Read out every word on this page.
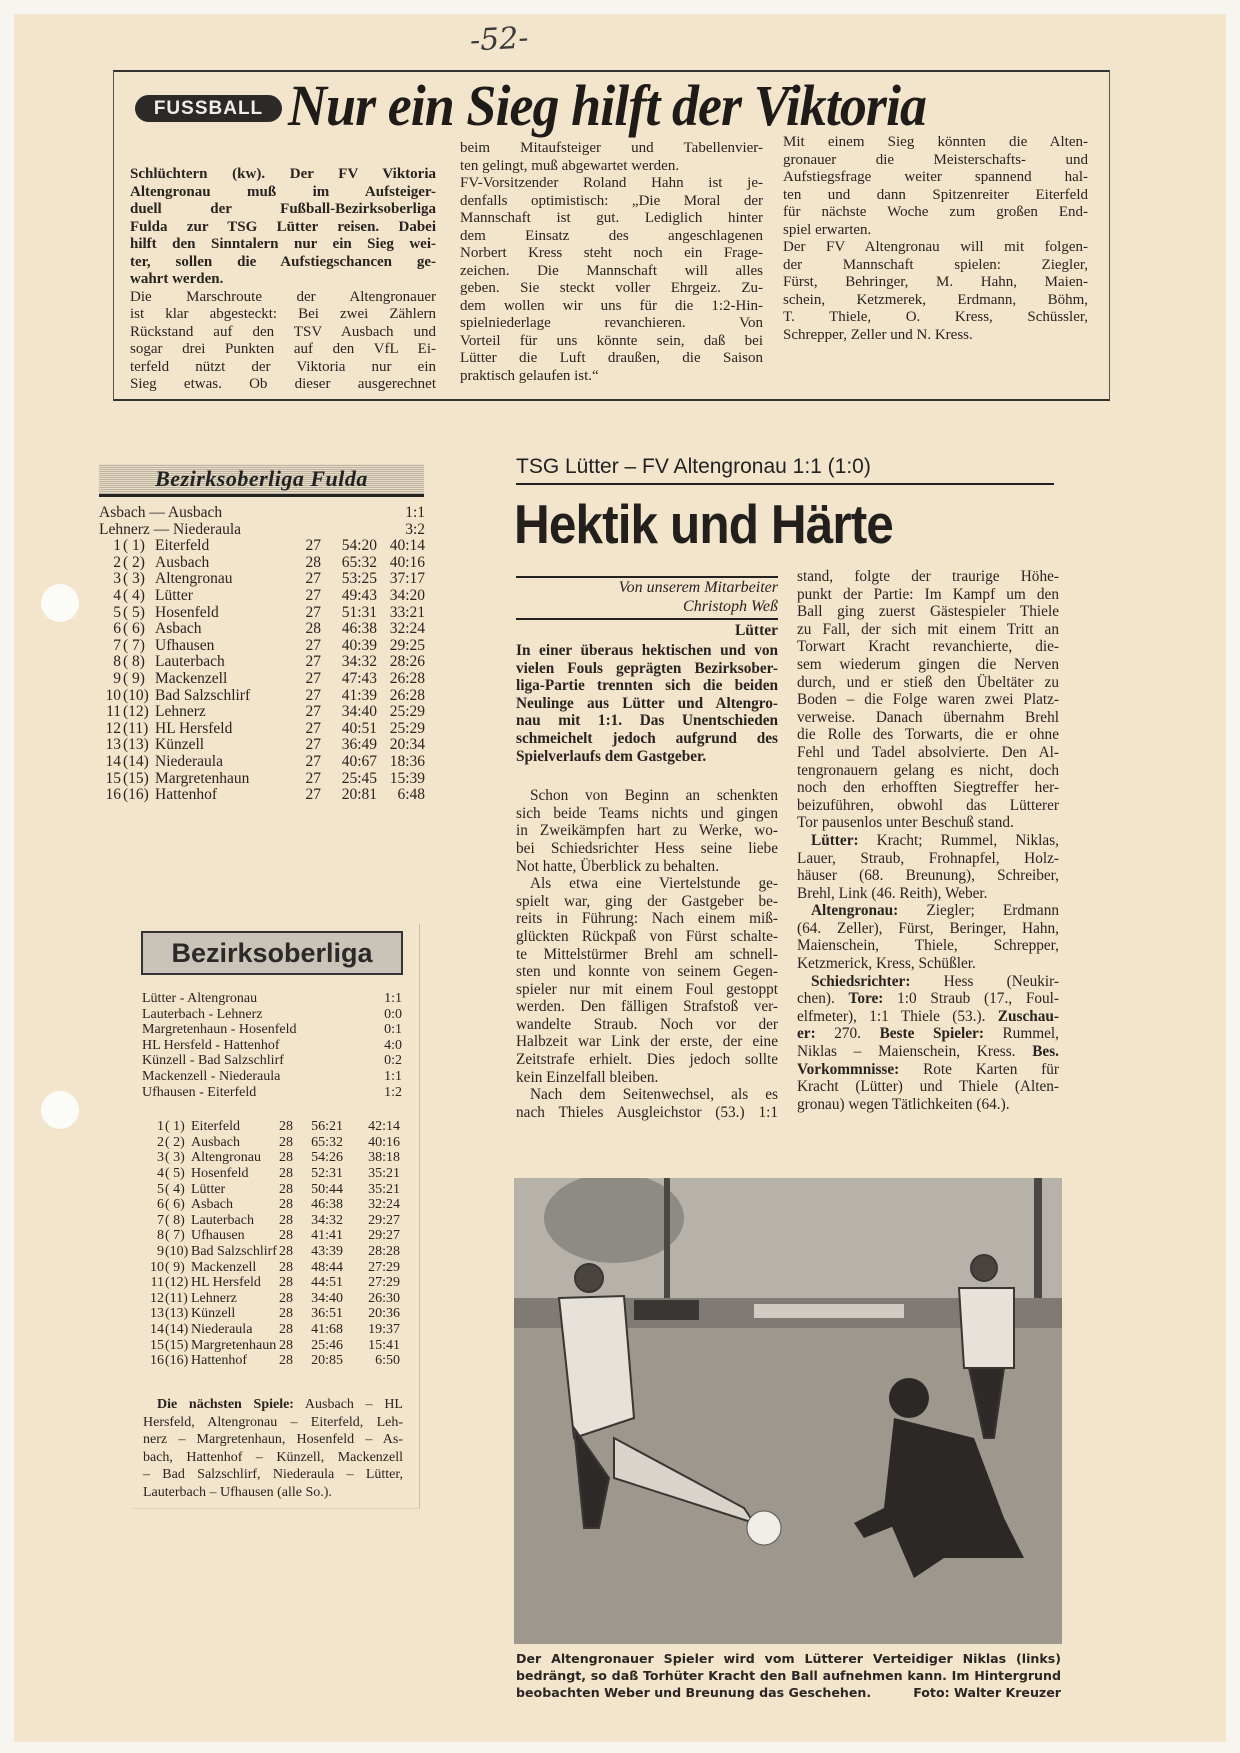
-52-
FUSSBALL Nur ein Sieg hilft der Viktoria
Schlüchtern (kw). Der FV Viktoria
Altengronau muß im Aufsteiger-
duell der Fußball-Bezirksoberliga
Fulda zur TSG Lütter reisen. Dabei
hilft den Sinntalern nur ein Sieg wei-
ter, sollen die Aufstiegschancen ge-
wahrt werden.
Die Marschroute der Altengronauer
ist klar abgesteckt: Bei zwei Zählern
Rückstand auf den TSV Ausbach und
sogar drei Punkten auf den VfL Ei-
terfeld nützt der Viktoria nur ein
Sieg etwas. Ob dieser ausgerechnet
beim Mitaufsteiger und Tabellenvier-
ten gelingt, muß abgewartet werden.
FV-Vorsitzender Roland Hahn ist je-
denfalls optimistisch: „Die Moral der
Mannschaft ist gut. Lediglich hinter
dem Einsatz des angeschlagenen
Norbert Kress steht noch ein Frage-
zeichen. Die Mannschaft will alles
geben. Sie steckt voller Ehrgeiz. Zu-
dem wollen wir uns für die 1:2-Hin-
spielniederlage revanchieren. Von
Vorteil für uns könnte sein, daß bei
Lütter die Luft draußen, die Saison
praktisch gelaufen ist.“
Mit einem Sieg könnten die Alten-
gronauer die Meisterschafts- und
Aufstiegsfrage weiter spannend hal-
ten und dann Spitzenreiter Eiterfeld
für nächste Woche zum großen End-
spiel erwarten.
Der FV Altengronau will mit folgen-
der Mannschaft spielen: Ziegler,
Fürst, Behringer, M. Hahn, Maien-
schein, Ketzmerek, Erdmann, Böhm,
T. Thiele, O. Kress, Schüssler,
Schrepper, Zeller und N. Kress.
Bezirksoberliga Fulda
Asbach — Ausbach	1:1
Lehnerz — Niederaula	3:2
1 ( 1) Eiterfeld	27	54:20 40:14
2 ( 2) Ausbach	28	65:32 40:16
3 ( 3) Altengronau	27	53:25 37:17
4 ( 4) Lütter	27	49:43 34:20
5 ( 5) Hosenfeld	27	51:31 33:21
6 ( 6) Asbach	28	46:38 32:24
7 ( 7) Ufhausen	27	40:39 29:25
8 ( 8) Lauterbach	27	34:32 28:26
9 ( 9) Mackenzell	27	47:43 26:28
10 (10) Bad Salzschlirf	27	41:39 26:28
11 (12) Lehnerz	27	34:40 25:29
12 (11) HL Hersfeld	27	40:51 25:29
13 (13) Künzell	27	36:49 20:34
14 (14) Niederaula	27	40:67 18:36
15 (15) Margretenhaun	27	25:45 15:39
16 (16) Hattenhof	27	20:81	6:48
Bezirksoberliga
Lütter - Altengronau	1:1
Lauterbach - Lehnerz	0:0
Margretenhaun - Hosenfeld	0:1
HL Hersfeld - Hattenhof	4:0
Künzell - Bad Salzschlirf	0:2
Mackenzell - Niederaula	1:1
Ufhausen - Eiterfeld	1:2
1 ( 1) Eiterfeld	28	56:21	42:14
2 ( 2) Ausbach	28	65:32	40:16
3 ( 3) Altengronau	28	54:26	38:18
4 ( 5) Hosenfeld	28	52:31	35:21
5 ( 4) Lütter	28	50:44	35:21
6 ( 6) Asbach	28	46:38	32:24
7 ( 8) Lauterbach	28	34:32	29:27
8 ( 7) Ufhausen	28	41:41	29:27
9 (10) Bad Salzschlirf 28	43:39	28:28
10 ( 9) Mackenzell	28	48:44	27:29
11 (12) HL Hersfeld	28	44:51	27:29
12 (11) Lehnerz	28	34:40	26:30
13 (13) Künzell	28	36:51	20:36
14 (14) Niederaula	28	41:68	19:37
15 (15) Margretenhaun 28	25:46	15:41
16 (16) Hattenhof	28	20:85	6:50
Die nächsten Spiele: Ausbach – HL
Hersfeld, Altengronau – Eiterfeld, Leh-
nerz – Margretenhaun, Hosenfeld – As-
bach, Hattenhof – Künzell, Mackenzell
– Bad Salzschlirf, Niederaula – Lütter,
Lauterbach – Ufhausen (alle So.).
TSG Lütter – FV Altengronau 1:1 (1:0)
Hektik und Härte
Von unserem Mitarbeiter
Christoph Weß
Lütter
In einer überaus hektischen und von
vielen Fouls geprägten Bezirksober-
liga-Partie trennten sich die beiden
Neulinge aus Lütter und Altengro-
nau mit 1:1. Das Unentschieden
schmeichelt jedoch aufgrund des
Spielverlaufs dem Gastgeber.
Schon von Beginn an schenkten
sich beide Teams nichts und gingen
in Zweikämpfen hart zu Werke, wo-
bei Schiedsrichter Hess seine liebe
Not hatte, Überblick zu behalten.
Als etwa eine Viertelstunde ge-
spielt war, ging der Gastgeber be-
reits in Führung: Nach einem miß-
glückten Rückpaß von Fürst schalte-
te Mittelstürmer Brehl am schnell-
sten und konnte von seinem Gegen-
spieler nur mit einem Foul gestoppt
werden. Den fälligen Strafstoß ver-
wandelte Straub. Noch vor der
Halbzeit war Link der erste, der eine
Zeitstrafe erhielt. Dies jedoch sollte
kein Einzelfall bleiben.
Nach dem Seitenwechsel, als es
nach Thieles Ausgleichstor (53.) 1:1
stand, folgte der traurige Höhe-
punkt der Partie: Im Kampf um den
Ball ging zuerst Gästespieler Thiele
zu Fall, der sich mit einem Tritt an
Torwart Kracht revanchierte, die-
sem wiederum gingen die Nerven
durch, und er stieß den Übeltäter zu
Boden – die Folge waren zwei Platz-
verweise. Danach übernahm Brehl
die Rolle des Torwarts, die er ohne
Fehl und Tadel absolvierte. Den Al-
tengronauern gelang es nicht, doch
noch den erhofften Siegtreffer her-
beizuführen, obwohl das Lütterer
Tor pausenlos unter Beschuß stand.
Lütter: Kracht; Rummel, Niklas,
Lauer, Straub, Frohnapfel, Holz-
häuser (68. Breunung), Schreiber,
Brehl, Link (46. Reith), Weber.
Altengronau: Ziegler; Erdmann
(64. Zeller), Fürst, Beringer, Hahn,
Maienschein, Thiele, Schrepper,
Ketzmerick, Kress, Schüßler.
Schiedsrichter: Hess (Neukir-
chen). Tore: 1:0 Straub (17., Foul-
elfmeter), 1:1 Thiele (53.). Zuschau-
er: 270. Beste Spieler: Rummel,
Niklas – Maienschein, Kress. Bes.
Vorkommnisse: Rote Karten für
Kracht (Lütter) und Thiele (Alten-
gronau) wegen Tätlichkeiten (64.).
Der Altengronauer Spieler wird vom Lütterer Verteidiger Niklas (links)
bedrängt, so daß Torhüter Kracht den Ball aufnehmen kann. Im Hintergrund
beobachten Weber und Breunung das Geschehen.	Foto: Walter Kreuzer
